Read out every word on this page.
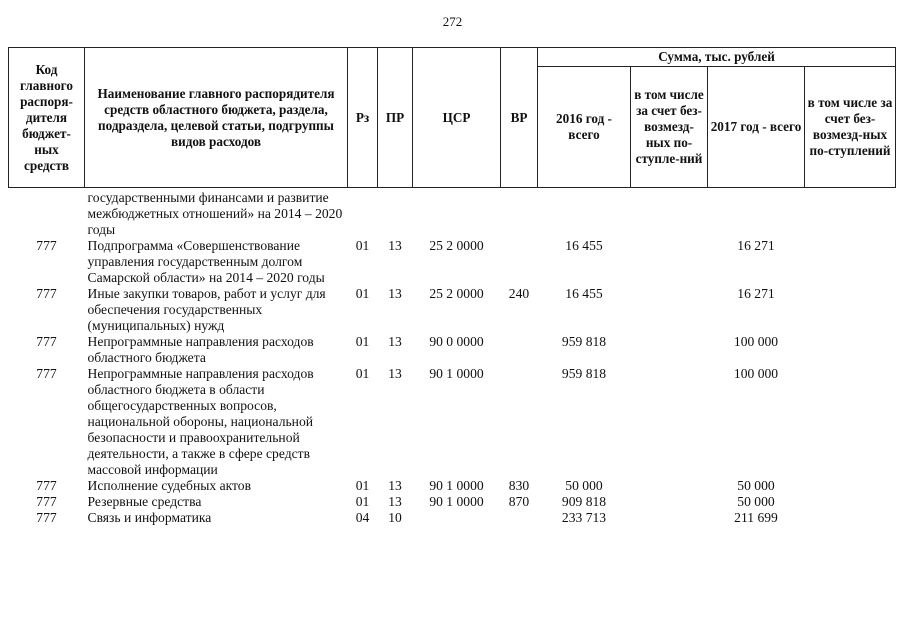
272
Код главного распоря-дителя бюджет-ных средств	Наименование главного распорядителя средств областного бюджета, раздела, подраздела, целевой статьи, подгруппы видов расходов	Рз	ПР	ЦСР	ВР	Сумма, тыс. рублей			
						2016 год - всего	в том числе за счет без-возмезд-ных по-ступле-ний	2017 год - всего	в том числе за счет без-возмезд-ных по-ступлений
	государственными финансами и развитие межбюджетных отношений» на 2014 – 2020 годы								
777	Подпрограмма «Совершенствование управления государственным долгом Самарской области» на 2014 – 2020 годы	01	13	25 2 0000		16 455		16 271	
777	Иные закупки товаров, работ и услуг для обеспечения государственных (муниципальных) нужд	01	13	25 2 0000	240	16 455		16 271	
777	Непрограммные направления расходов областного бюджета	01	13	90 0 0000		959 818		100 000	
777	Непрограммные направления расходов областного бюджета в области общегосударственных вопросов, национальной обороны, национальной безопасности и правоохранительной деятельности, а также в сфере средств массовой информации	01	13	90 1 0000		959 818		100 000	
777	Исполнение судебных актов	01	13	90 1 0000	830	50 000		50 000	
777	Резервные средства	01	13	90 1 0000	870	909 818		50 000	
777	Связь и информатика	04	10			233 713		211 699	
